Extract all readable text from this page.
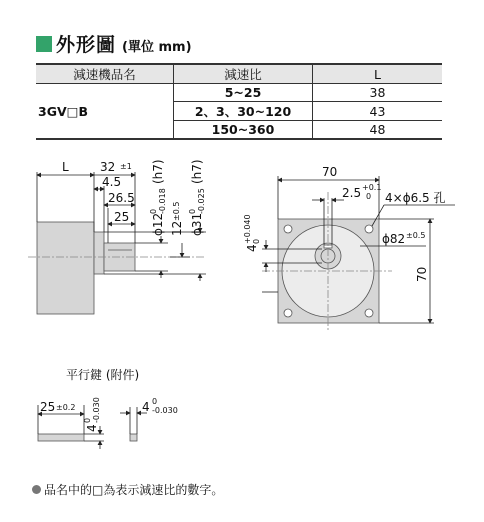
外形圖 (單位 mm)
減速機品名	減速比	L
3GV□B	5~25	38
	2、3、30~120	43
	150~360	48
L	32 ±1
4.5
26.5
25 ϕ12
0 -0.018
(h7)
12
±0.5
ϕ31
0 -0.025
(h7)	70
2.5 +0.1
0 4×ϕ6.5 孔
ϕ82 ±0.5
70
4
+0.040 0
25 ±0.2
4
0 -0.030	4 0
-0.030
平行鍵 (附件)
品名中的□為表示減速比的數字。
